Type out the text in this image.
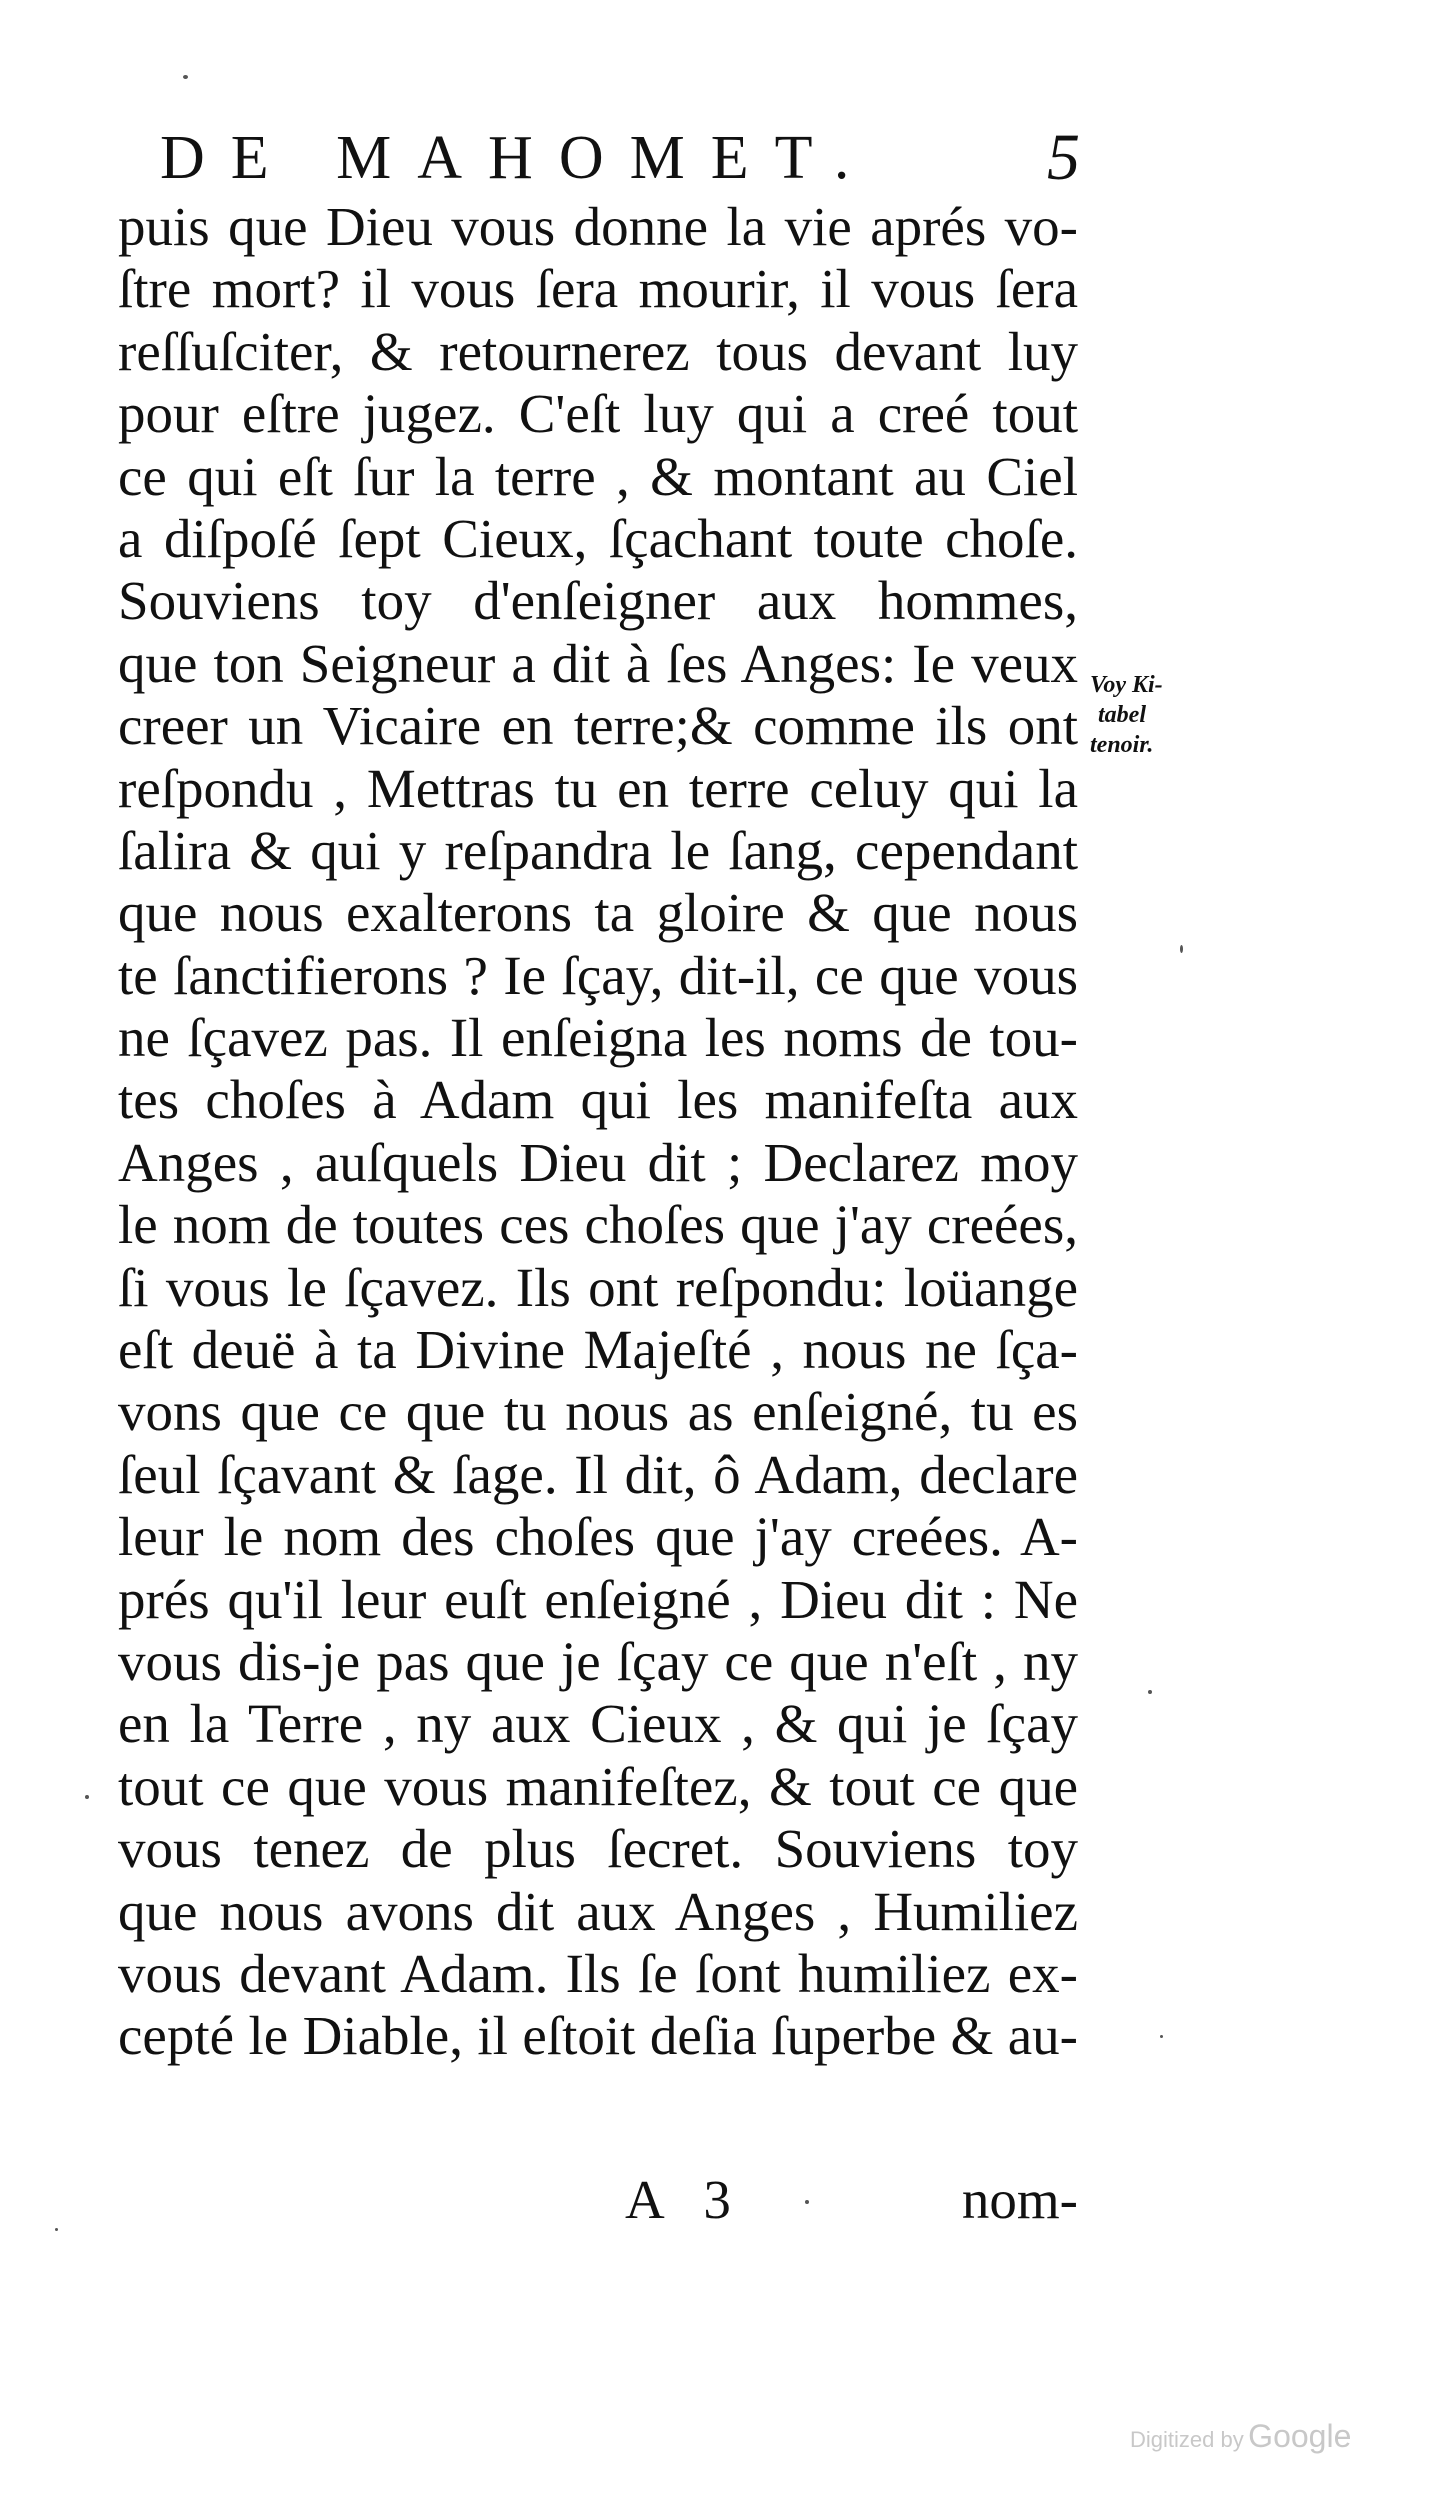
DE MAHOMET.	5
puis que Dieu vous donne la vie aprés vo-
ſtre mort? il vous ſera mourir, il vous ſera
reſſuſciter, & retournerez tous devant luy
pour eſtre jugez. C'eſt luy qui a creé tout
ce qui eſt ſur la terre , & montant au Ciel
a diſpoſé ſept Cieux, ſçachant toute choſe.
Souviens toy d'enſeigner aux hommes,
que ton Seigneur a dit à ſes Anges: Ie veux
creer un Vicaire en terre;& comme ils ont
reſpondu , Mettras tu en terre celuy qui la
ſalira & qui y reſpandra le ſang, cependant
que nous exalterons ta gloire & que nous
te ſanctifierons ? Ie ſçay, dit-il, ce que vous
ne ſçavez pas. Il enſeigna les noms de tou-
tes choſes à Adam qui les manifeſta aux
Anges , auſquels Dieu dit ; Declarez moy
le nom de toutes ces choſes que j'ay creées,
ſi vous le ſçavez. Ils ont reſpondu: loüange
eſt deuë à ta Divine Majeſté , nous ne ſça-
vons que ce que tu nous as enſeigné, tu es
ſeul ſçavant & ſage. Il dit, ô Adam, declare
leur le nom des choſes que j'ay creées. A-
prés qu'il leur euſt enſeigné , Dieu dit : Ne
vous dis-je pas que je ſçay ce que n'eſt , ny
en la Terre , ny aux Cieux , & qui je ſçay
tout ce que vous manifeſtez, & tout ce que
vous tenez de plus ſecret. Souviens toy
que nous avons dit aux Anges , Humiliez
vous devant Adam. Ils ſe ſont humiliez ex-
cepté le Diable, il eſtoit deſia ſuperbe & au-
Voy Ki-
tabel
tenoir.
A 3	nom-
Digitized by Google
